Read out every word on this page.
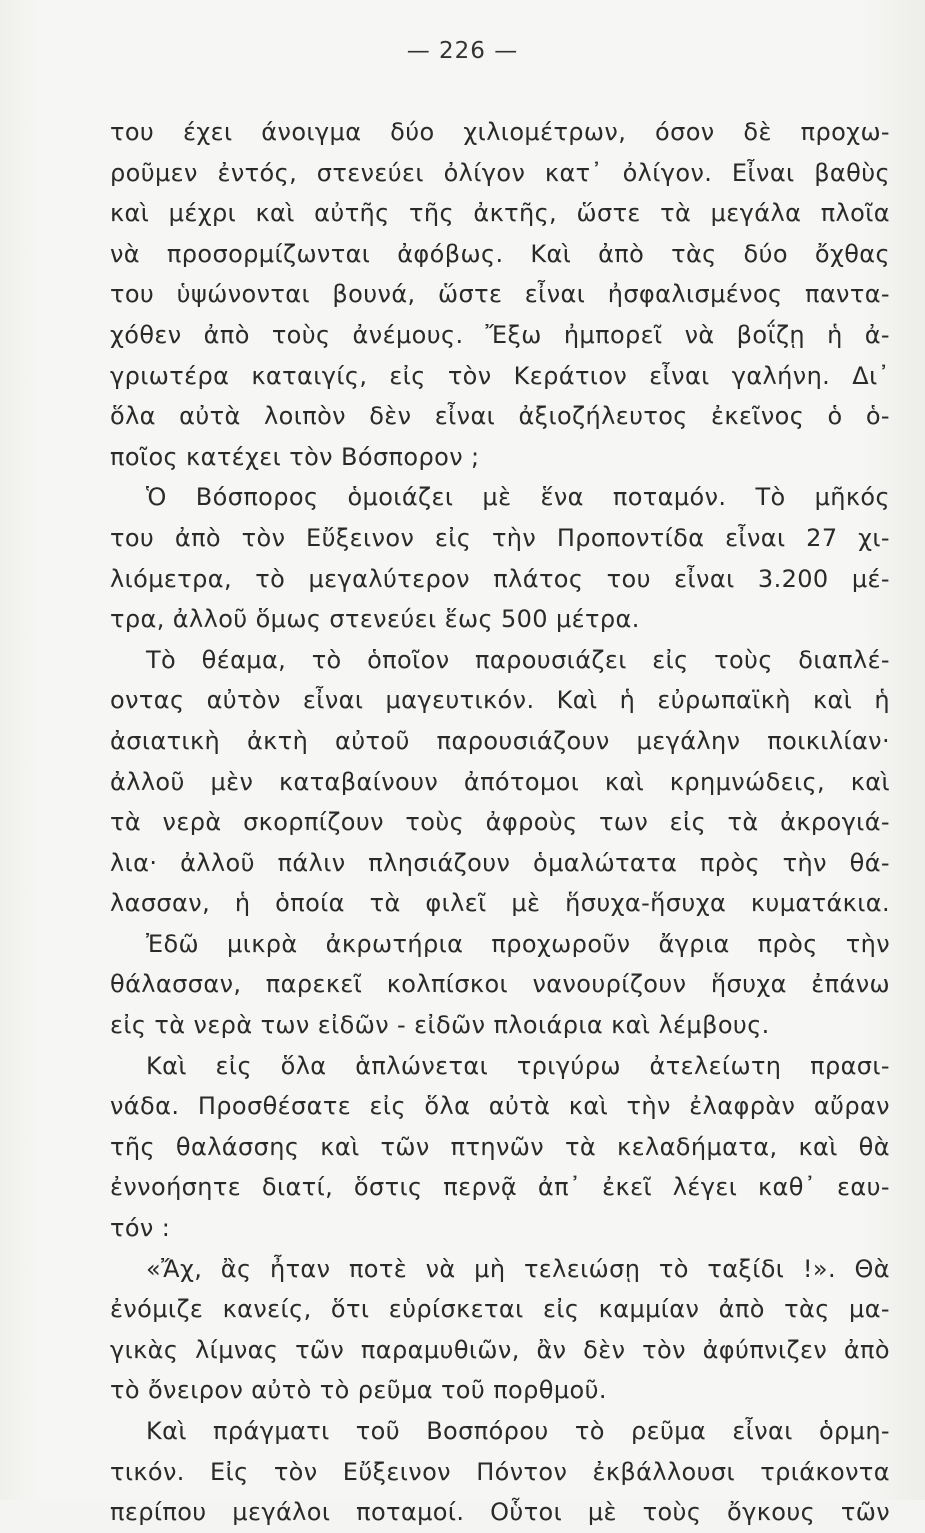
— 226 —
του έχει άνοιγμα δύο χιλιομέτρων, όσον δὲ προχω-
ροῦμεν ἐντός, στενεύει ὀλίγον κατ᾽ ὀλίγον. Εἶναι βαθὺς
καὶ μέχρι καὶ αὐτῆς τῆς ἀκτῆς, ὥστε τὰ μεγάλα πλοῖα
νὰ προσορμίζωνται ἀφόβως. Καὶ ἀπὸ τὰς δύο ὄχθας
του ὑψώνονται βουνά, ὥστε εἶναι ἠσφαλισμένος παντα-
χόθεν ἀπὸ τοὺς ἀνέμους. Ἔξω ἠμπορεῖ νὰ βοΐζῃ ἡ ἀ-
γριωτέρα καταιγίς, εἰς τὸν Κεράτιον εἶναι γαλήνη. Δι᾽
ὅλα αὐτὰ λοιπὸν δὲν εἶναι ἀξιοζήλευτος ἐκεῖνος ὁ ὁ-
ποῖος κατέχει τὸν Βόσπορον ;
Ὁ Βόσπορος ὁμοιάζει μὲ ἕνα ποταμόν. Τὸ μῆκός
του ἀπὸ τὸν Εὔξεινον εἰς τὴν Προποντίδα εἶναι 27 χι-
λιόμετρα, τὸ μεγαλύτερον πλάτος του εἶναι 3.200 μέ-
τρα, ἀλλοῦ ὅμως στενεύει ἕως 500 μέτρα.
Τὸ θέαμα, τὸ ὁποῖον παρουσιάζει εἰς τοὺς διαπλέ-
οντας αὐτὸν εἶναι μαγευτικόν. Καὶ ἡ εὐρωπαϊκὴ καὶ ἡ
ἀσιατικὴ ἀκτὴ αὐτοῦ παρουσιάζουν μεγάλην ποικιλίαν·
ἀλλοῦ μὲν καταβαίνουν ἀπότομοι καὶ κρημνώδεις, καὶ
τὰ νερὰ σκορπίζουν τοὺς ἀφροὺς των εἰς τὰ ἀκρογιά-
λια· ἀλλοῦ πάλιν πλησιάζουν ὁμαλώτατα πρὸς τὴν θά-
λασσαν, ἡ ὁποία τὰ φιλεῖ μὲ ἥσυχα-ἥσυχα κυματάκια.
Ἐδῶ μικρὰ ἀκρωτήρια προχωροῦν ἄγρια πρὸς τὴν
θάλασσαν, παρεκεῖ κολπίσκοι νανουρίζουν ἥσυχα ἐπάνω
εἰς τὰ νερὰ των εἰδῶν - εἰδῶν πλοιάρια καὶ λέμβους.
Καὶ εἰς ὅλα ἁπλώνεται τριγύρω ἀτελείωτη πρασι-
νάδα. Προσθέσατε εἰς ὅλα αὐτὰ καὶ τὴν ἐλαφρὰν αὔραν
τῆς θαλάσσης καὶ τῶν πτηνῶν τὰ κελαδήματα, καὶ θὰ
ἐννοήσητε διατί, ὅστις περνᾷ ἀπ᾽ ἐκεῖ λέγει καθ᾽ εαυ-
τόν :
«Ἄχ, ἂς ἦταν ποτὲ νὰ μὴ τελειώσῃ τὸ ταξίδι !». Θὰ
ἐνόμιζε κανείς, ὅτι εὑρίσκεται εἰς καμμίαν ἀπὸ τὰς μα-
γικὰς λίμνας τῶν παραμυθιῶν, ἂν δὲν τὸν ἀφύπνιζεν ἀπὸ
τὸ ὄνειρον αὐτὸ τὸ ρεῦμα τοῦ πορθμοῦ.
Καὶ πράγματι τοῦ Βοσπόρου τὸ ρεῦμα εἶναι ὁρμη-
τικόν. Εἰς τὸν Εὔξεινον Πόντον ἐκβάλλουσι τριάκοντα
περίπου μεγάλοι ποταμοί. Οὗτοι μὲ τοὺς ὄγκους τῶν
